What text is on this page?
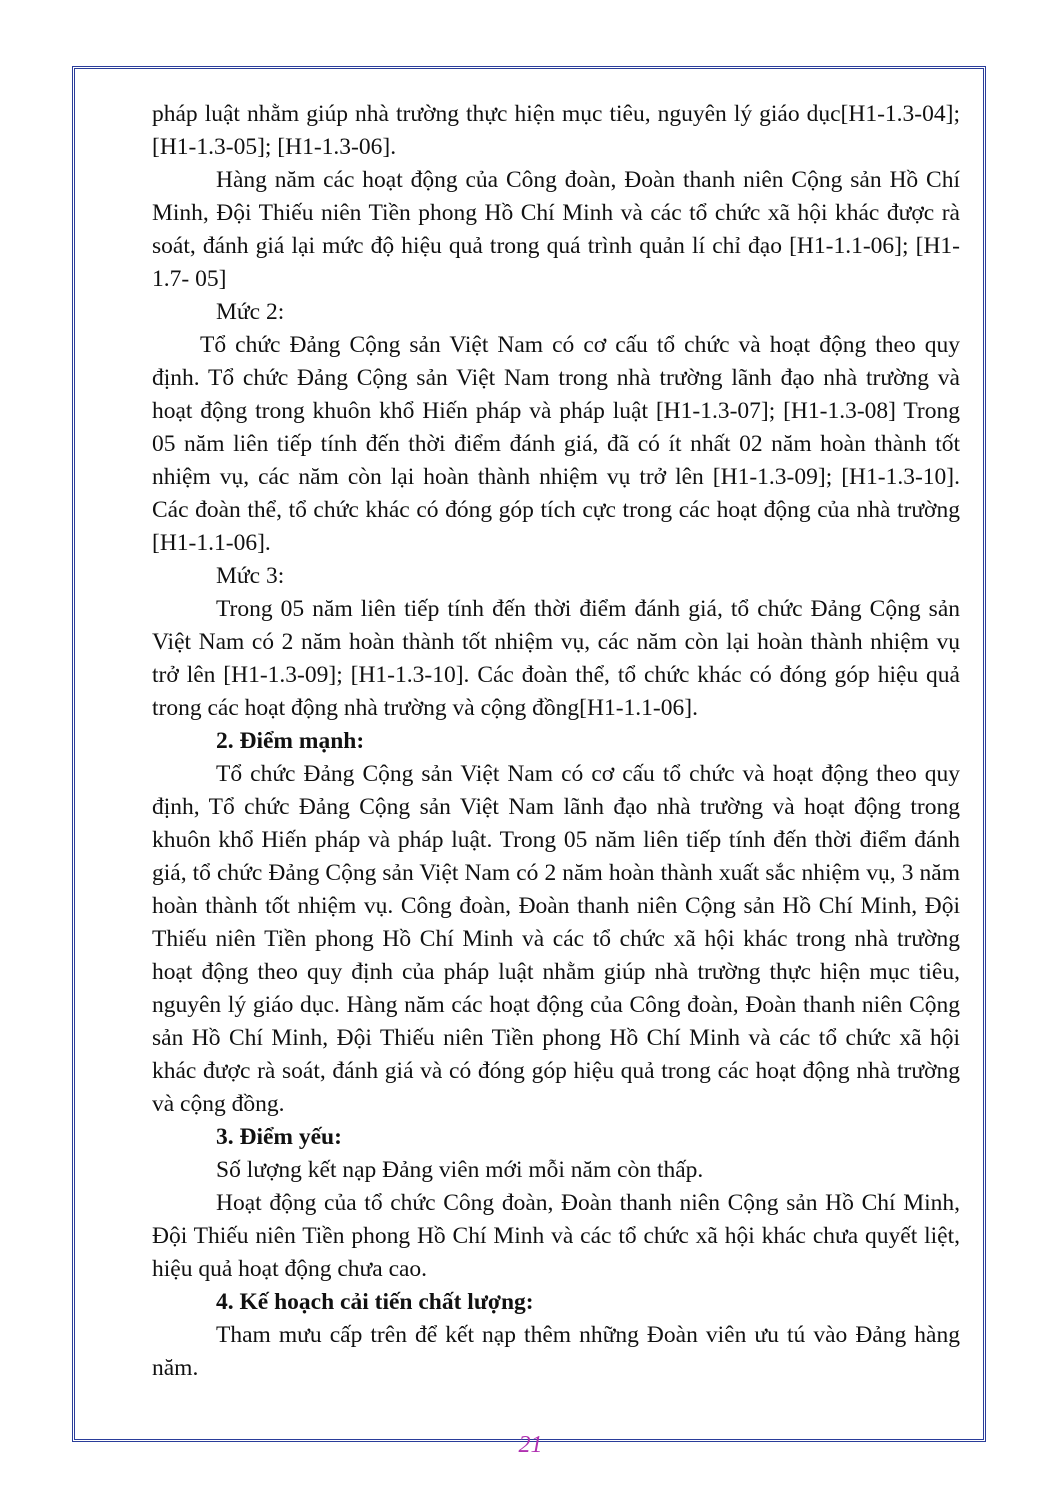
pháp luật nhằm giúp nhà trường thực hiện mục tiêu, nguyên lý giáo dục[H1-1.3-04]; [H1-1.3-05]; [H1-1.3-06].

Hàng năm các hoạt động của Công đoàn, Đoàn thanh niên Cộng sản Hồ Chí Minh, Đội Thiếu niên Tiền phong Hồ Chí Minh và các tổ chức xã hội khác được rà soát, đánh giá lại mức độ hiệu quả trong quá trình quản lí chỉ đạo [H1-1.1-06]; [H1-1.7- 05]

Mức 2:

Tổ chức Đảng Cộng sản Việt Nam có cơ cấu tổ chức và hoạt động theo quy định. Tổ chức Đảng Cộng sản Việt Nam trong nhà trường lãnh đạo nhà trường và hoạt động trong khuôn khổ Hiến pháp và pháp luật [H1-1.3-07]; [H1-1.3-08] Trong 05 năm liên tiếp tính đến thời điểm đánh giá, đã có ít nhất 02 năm hoàn thành tốt nhiệm vụ, các năm còn lại hoàn thành nhiệm vụ trở lên [H1-1.3-09]; [H1-1.3-10]. Các đoàn thể, tổ chức khác có đóng góp tích cực trong các hoạt động của nhà trường [H1-1.1-06].

Mức 3:

Trong 05 năm liên tiếp tính đến thời điểm đánh giá, tổ chức Đảng Cộng sản Việt Nam có 2 năm hoàn thành tốt nhiệm vụ, các năm còn lại hoàn thành nhiệm vụ trở lên [H1-1.3-09]; [H1-1.3-10]. Các đoàn thể, tổ chức khác có đóng góp hiệu quả trong các hoạt động nhà trường và cộng đồng[H1-1.1-06].

2. Điểm mạnh:

Tổ chức Đảng Cộng sản Việt Nam có cơ cấu tổ chức và hoạt động theo quy định, Tổ chức Đảng Cộng sản Việt Nam lãnh đạo nhà trường và hoạt động trong khuôn khổ Hiến pháp và pháp luật. Trong 05 năm liên tiếp tính đến thời điểm đánh giá, tổ chức Đảng Cộng sản Việt Nam có 2 năm hoàn thành xuất sắc nhiệm vụ, 3 năm hoàn thành tốt nhiệm vụ. Công đoàn, Đoàn thanh niên Cộng sản Hồ Chí Minh, Đội Thiếu niên Tiền phong Hồ Chí Minh và các tổ chức xã hội khác trong nhà trường hoạt động theo quy định của pháp luật nhằm giúp nhà trường thực hiện mục tiêu, nguyên lý giáo dục. Hàng năm các hoạt động của Công đoàn, Đoàn thanh niên Cộng sản Hồ Chí Minh, Đội Thiếu niên Tiền phong Hồ Chí Minh và các tổ chức xã hội khác được rà soát, đánh giá và có đóng góp hiệu quả trong các hoạt động nhà trường và cộng đồng.

3. Điểm yếu:

Số lượng kết nạp Đảng viên mới mỗi năm còn thấp.

Hoạt động của tổ chức Công đoàn, Đoàn thanh niên Cộng sản Hồ Chí Minh, Đội Thiếu niên Tiền phong Hồ Chí Minh và các tổ chức xã hội khác chưa quyết liệt, hiệu quả hoạt động chưa cao.

4. Kế hoạch cải tiến chất lượng:

Tham mưu cấp trên để kết nạp thêm những Đoàn viên ưu tú vào Đảng hàng năm.

21
